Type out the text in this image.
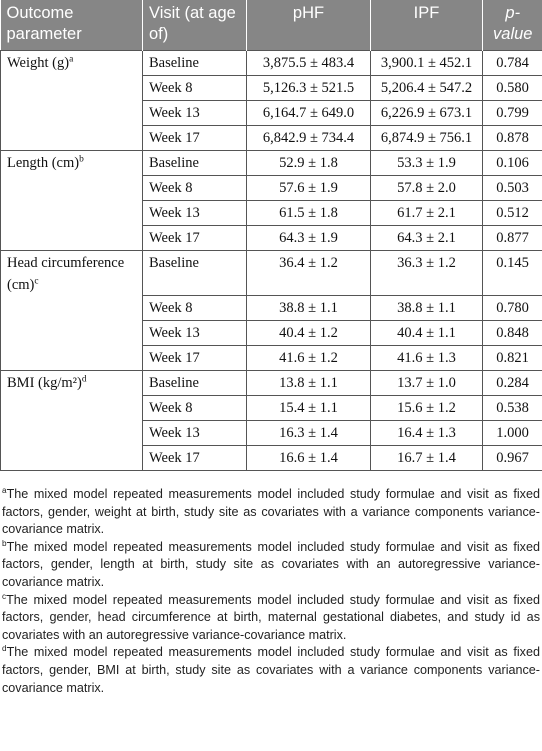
Outcome parameter	Visit (at age of)	pHF	IPF	p-value
Weight $(g)^a$	Baseline	3,875.5 ± 483.4	3,900.1 ± 452.1	0.784
	Week 8	5,126.3 ± 521.5	5,206.4 ± 547.2	0.580
	Week 13	6,164.7 ± 649.0	6,226.9 ± 673.1	0.799
	Week 17	6,842.9 ± 734.4	6,874.9 ± 756.1	0.878
Length (cm)$^b$	Baseline	52.9 ± 1.8	53.3 ± 1.9	0.106
	Week 8	57.6 ± 1.9	57.8 ± 2.0	0.503
	Week 13	61.5 ± 1.8	61.7 ± 2.1	0.512
	Week 17	64.3 ± 1.9	64.3 ± 2.1	0.877
Head circumference (cm)$^c$	Baseline	36.4 ± 1.2	36.3 ± 1.2	0.145
	Week 8	38.8 ± 1.1	38.8 ± 1.1	0.780
	Week 13	40.4 ± 1.2	40.4 ± 1.1	0.848
	Week 17	41.6 ± 1.2	41.6 ± 1.3	0.821
BMI $(kg/m^2)^d$	Baseline	13.8 ± 1.1	13.7 ± 1.0	0.284
	Week 8	15.4 ± 1.1	15.6 ± 1.2	0.538
	Week 13	16.3 ± 1.4	16.4 ± 1.3	1.000
	Week 17	16.6 ± 1.4	16.7 ± 1.4	0.967

$^a$The mixed model repeated measurements model included study formulae and visit as fixed factors, gender, weight at birth, study site as covariates with a variance components variance-covariance matrix.

$^b$The mixed model repeated measurements model included study formulae and visit as fixed factors, gender, length at birth, study site as covariates with an autoregressive variance-covariance matrix.

$^c$The mixed model repeated measurements model included study formulae and visit as fixed factors, gender, head circumference at birth, maternal gestational diabetes, and study id as covariates with an autoregressive variance-covariance matrix.

$^d$The mixed model repeated measurements model included study formulae and visit as fixed factors, gender, BMI at birth, study site as covariates with a variance components variance-covariance matrix.
